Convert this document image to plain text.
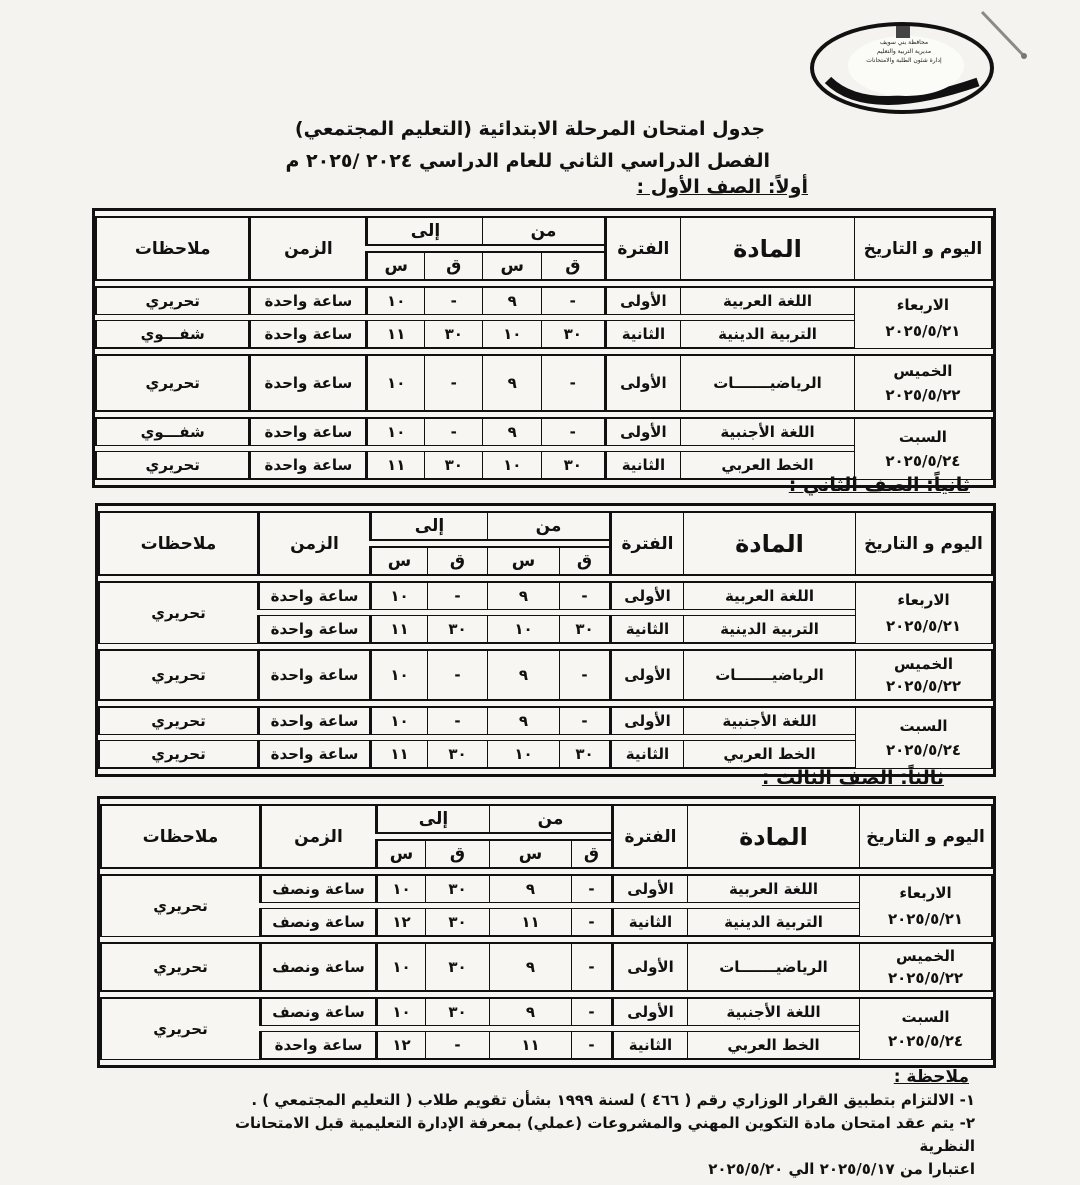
محافظة بني سويف
مديرية التربية والتعليم
إدارة شئون الطلبة والامتحانات
جدول امتحان المرحلة الابتدائية (التعليم المجتمعي)
الفصل الدراسي الثاني للعام الدراسي ٢٠٢٤ /٢٠٢٥ م
أولاً: الصف الأول :
اليوم و التاريخ	المادة	الفترة	من		إلى		الزمن	ملاحظات
			ق	س	ق	س		

الاربعاء
٢٠٢٥/٥/٢١	اللغة العربية	الأولى	-	٩	-	١٠	ساعة واحدة	تحريري
	التربية الدينية	الثانية	٣٠	١٠	٣٠	١١	ساعة واحدة	شفـــوي

الخميس
٢٠٢٥/٥/٢٢	الرياضيـــــــات	الأولى	-	٩	-	١٠	ساعة واحدة	تحريري

السبت
٢٠٢٥/٥/٢٤	اللغة الأجنبية	الأولى	-	٩	-	١٠	ساعة واحدة	شفـــوي
	الخط العربي	الثانية	٣٠	١٠	٣٠	١١	ساعة واحدة	تحريري
ثانياً: الصف الثاني :
اليوم و التاريخ	المادة	الفترة	من		إلى		الزمن	ملاحظات
			ق	س	ق	س		

الاربعاء
٢٠٢٥/٥/٢١	اللغة العربية	الأولى	-	٩	-	١٠	ساعة واحدة	تحريري
	التربية الدينية	الثانية	٣٠	١٠	٣٠	١١	ساعة واحدة	

الخميس
٢٠٢٥/٥/٢٢	الرياضيـــــــات	الأولى	-	٩	-	١٠	ساعة واحدة	تحريري

السبت
٢٠٢٥/٥/٢٤	اللغة الأجنبية	الأولى	-	٩	-	١٠	ساعة واحدة	تحريري
	الخط العربي	الثانية	٣٠	١٠	٣٠	١١	ساعة واحدة	تحريري
ثالثاً: الصف الثالث :
اليوم و التاريخ	المادة	الفترة	من		إلى		الزمن	ملاحظات
			ق	س	ق	س		

الاربعاء
٢٠٢٥/٥/٢١	اللغة العربية	الأولى	-	٩	٣٠	١٠	ساعة ونصف	تحريري
	التربية الدينية	الثانية	-	١١	٣٠	١٢	ساعة ونصف	

الخميس
٢٠٢٥/٥/٢٢	الرياضيـــــــات	الأولى	-	٩	٣٠	١٠	ساعة ونصف	تحريري

السبت
٢٠٢٥/٥/٢٤	اللغة الأجنبية	الأولى	-	٩	٣٠	١٠	ساعة ونصف	تحريري
	الخط العربي	الثانية	-	١١	-	١٢	ساعة واحدة	
ملاحظة :

١- الالتزام بتطبيق القرار الوزاري رقم ( ٤٦٦ ) لسنة ١٩٩٩ بشأن تقويم طلاب ( التعليم المجتمعي ) .

٢- يتم عقد امتحان مادة التكوين المهني والمشروعات (عملي) بمعرفة الإدارة التعليمية قبل الامتحانات النظرية

اعتبارا من ٢٠٢٥/٥/١٧ الي ٢٠٢٥/٥/٢٠
